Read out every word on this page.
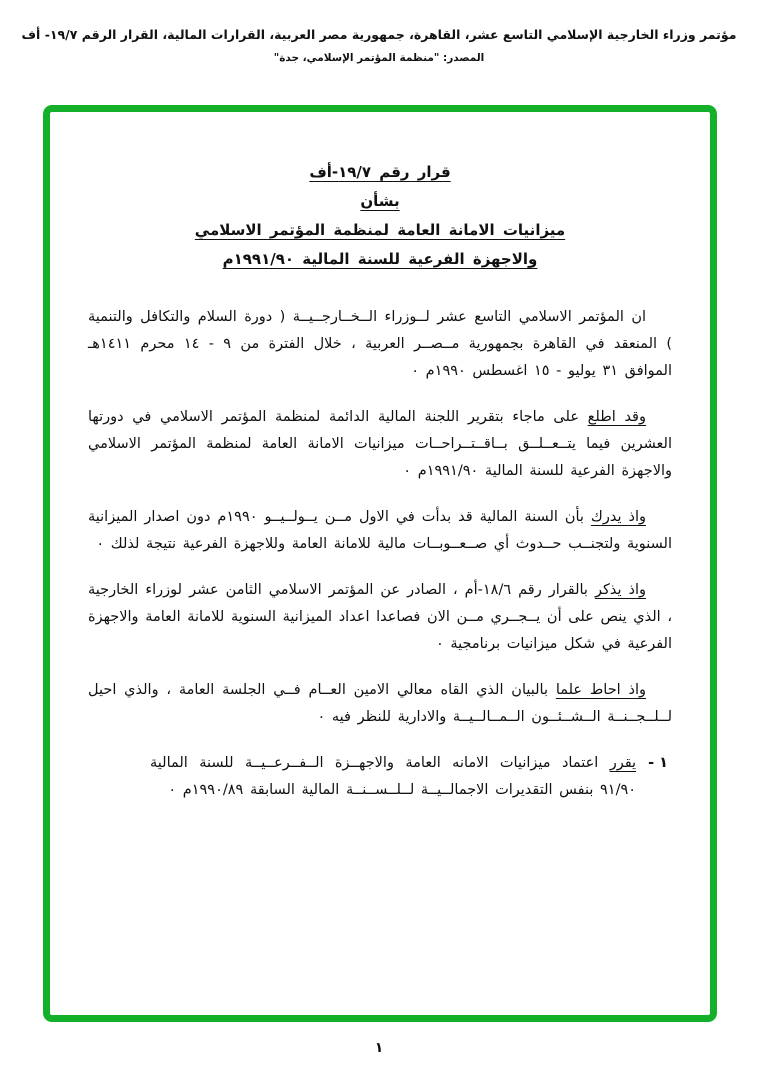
مؤتمر وزراء الخارجية الإسلامي التاسع عشر، القاهرة، جمهورية مصر العربية، القرارات المالية، القرار الرقم ١٩/٧- أف
المصدر: "منظمة المؤتمر الإسلامي، جدة"
قرار رقم ١٩/٧-أف
بشأن
ميزانيات الامانة العامة لمنظمة المؤتمر الاسلامي
والاجهزة الفرعية للسنة المالية ١٩٩١/٩٠م

ان المؤتمر الاسلامي التاسع عشر لــوزراء الــخــارجــيــة ( دورة السلام والتكافل والتنمية ) المنعقد في القاهرة بجمهورية مــصــر العربية ، خلال الفترة من ٩ - ١٤ محرم ١٤١١هـ الموافق ٣١ يوليو - ١٥ اغسطس ١٩٩٠م ٠

وقد اطلع على ماجاء بتقرير اللجنة المالية الدائمة لمنظمة المؤتمر الاسلامي في دورتها العشرين فيما يتــعــلــق بــاقــتــراحــات ميزانيات الامانة العامة لمنظمة المؤتمر الاسلامي والاجهزة الفرعية للسنة المالية ١٩٩١/٩٠م ٠

واذ يدرك بأن السنة المالية قد بدأت في الاول مــن يــولــيــو ١٩٩٠م دون اصدار الميزانية السنوية ولتجنــب حــدوث أي صــعــوبــات مالية للامانة العامة وللاجهزة الفرعية نتيجة لذلك ٠

واذ يذكر بالقرار رقم ١٨/٦-أم ، الصادر عن المؤتمر الاسلامي الثامن عشر لوزراء الخارجية ، الذي ينص على أن يــجــري مــن الان فصاعدا اعداد الميزانية السنوية للامانة العامة والاجهزة الفرعية في شكل ميزانيات برنامجية ٠

واذ احاط علما بالبيان الذي القاه معالي الامين العــام فــي الجلسة العامة ، والذي احيل لــلــجــنــة الــشــئــون الــمــالــيــة والادارية للنظر فيه ٠

١ -
يقرر اعتماد ميزانيات الامانه العامة والاجهــزة الــفــرعــيــة للسنة المالية ٩١/٩٠ بنفس التقديرات الاجمالــيــة لــلــســنــة المالية السابقة ١٩٩٠/٨٩م ٠
١
